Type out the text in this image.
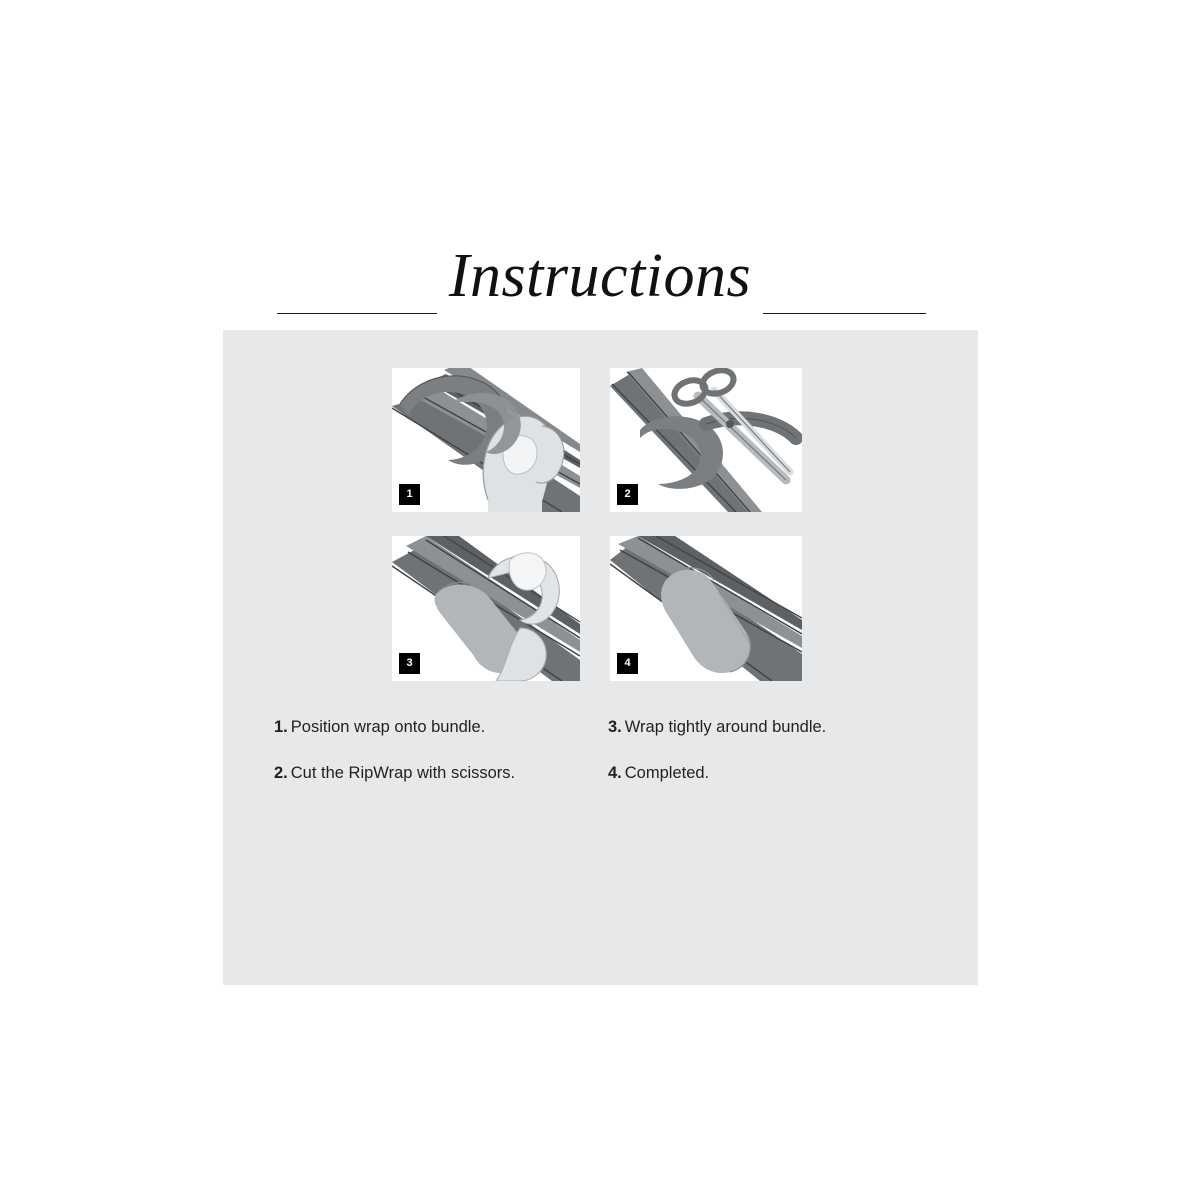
Instructions
1	2
3	4
1. Position wrap onto bundle.
2. Cut the RipWrap with scissors.
3. Wrap tightly around bundle.
4. Completed.
